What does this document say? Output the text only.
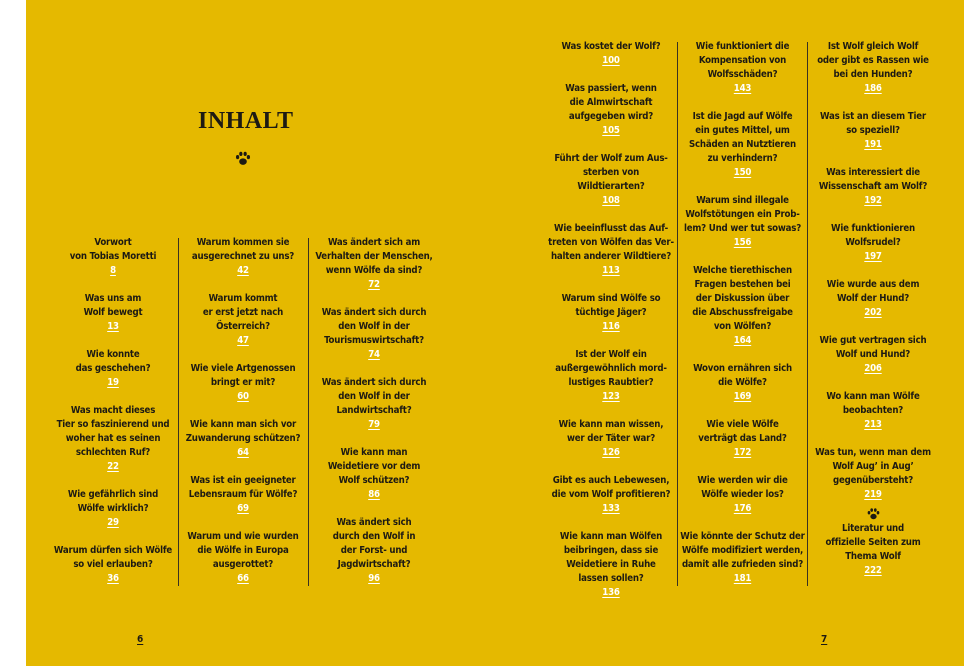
INHALT
Vorwort
von Tobias Moretti
8
Was uns am
Wolf bewegt
13
Wie konnte
das geschehen?
19
Was macht dieses
Tier so faszinierend und
woher hat es seinen
schlechten Ruf?
22
Wie gefährlich sind
Wölfe wirklich?
29
Warum dürfen sich Wölfe
so viel erlauben?
36
Warum kommen sie
ausgerechnet zu uns?
42
Warum kommt
er erst jetzt nach
Österreich?
47
Wie viele Artgenossen
bringt er mit?
60
Wie kann man sich vor
Zuwanderung schützen?
64
Was ist ein geeigneter
Lebensraum für Wölfe?
69
Warum und wie wurden
die Wölfe in Europa
ausgerottet?
66
Was ändert sich am
Verhalten der Menschen,
wenn Wölfe da sind?
72
Was ändert sich durch
den Wolf in der
Tourismuswirtschaft?
74
Was ändert sich durch
den Wolf in der
Landwirtschaft?
79
Wie kann man
Weidetiere vor dem
Wolf schützen?
86
Was ändert sich
durch den Wolf in
der Forst- und
Jagdwirtschaft?
96
Was kostet der Wolf?
100
Was passiert, wenn
die Almwirtschaft
aufgegeben wird?
105
Führt der Wolf zum Aus-
sterben von Wildtierarten?
108
Wie beeinflusst das Auf-
treten von Wölfen das Ver-
halten anderer Wildtiere?
113
Warum sind Wölfe so
tüchtige Jäger?
116
Ist der Wolf ein
außergewöhnlich mord-
lustiges Raubtier?
123
Wie kann man wissen,
wer der Täter war?
126
Gibt es auch Lebewesen,
die vom Wolf profitieren?
133
Wie kann man Wölfen
beibringen, dass sie
Weidetiere in Ruhe
lassen sollen?
136
Wie funktioniert die
Kompensation von
Wolfsschäden?
143
Ist die Jagd auf Wölfe
ein gutes Mittel, um
Schäden an Nutztieren
zu verhindern?
150
Warum sind illegale
Wolfstötungen ein Prob-
lem? Und wer tut sowas?
156
Welche tierethischen
Fragen bestehen bei
der Diskussion über
die Abschussfreigabe
von Wölfen?
164
Wovon ernähren sich
die Wölfe?
169
Wie viele Wölfe
verträgt das Land?
172
Wie werden wir die
Wölfe wieder los?
176
Wie könnte der Schutz der
Wölfe modifiziert werden,
damit alle zufrieden sind?
181
Ist Wolf gleich Wolf
oder gibt es Rassen wie
bei den Hunden?
186
Was ist an diesem Tier
so speziell?
191
Was interessiert die
Wissenschaft am Wolf?
192
Wie funktionieren
Wolfsrudel?
197
Wie wurde aus dem
Wolf der Hund?
202
Wie gut vertragen sich
Wolf und Hund?
206
Wo kann man Wölfe
beobachten?
213
Was tun, wenn man dem
Wolf Aug’ in Aug’
gegenübersteht?
219
Literatur und
offizielle Seiten zum
Thema Wolf
222
6	7
